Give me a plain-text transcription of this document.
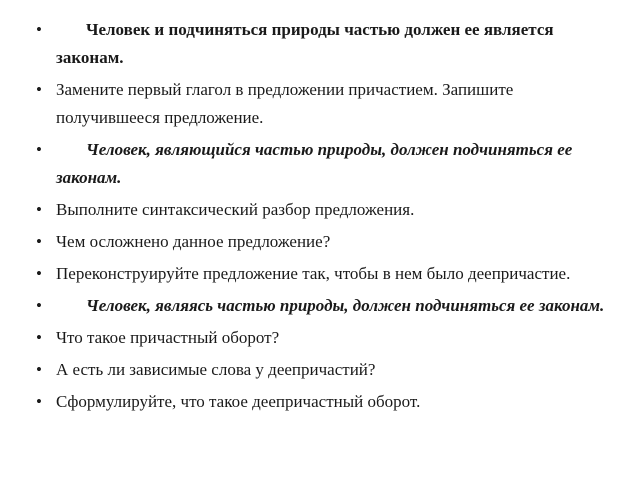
•	Человек и подчиняться природы частью должен ее является законам.
• Замените первый глагол в предложении причастием. Запишите получившееся предложение.
•	Человек, являющийся частью природы, должен подчиняться ее законам.
• Выполните синтаксический разбор предложения.
• Чем осложнено данное предложение?
• Переконструируйте предложение так, чтобы в нем было деепричастие.
•	Человек, являясь частью природы, должен подчиняться ее законам.
• Что такое причастный оборот?
• А есть ли зависимые слова у деепричастий?
• Сформулируйте, что такое деепричастный оборот.
